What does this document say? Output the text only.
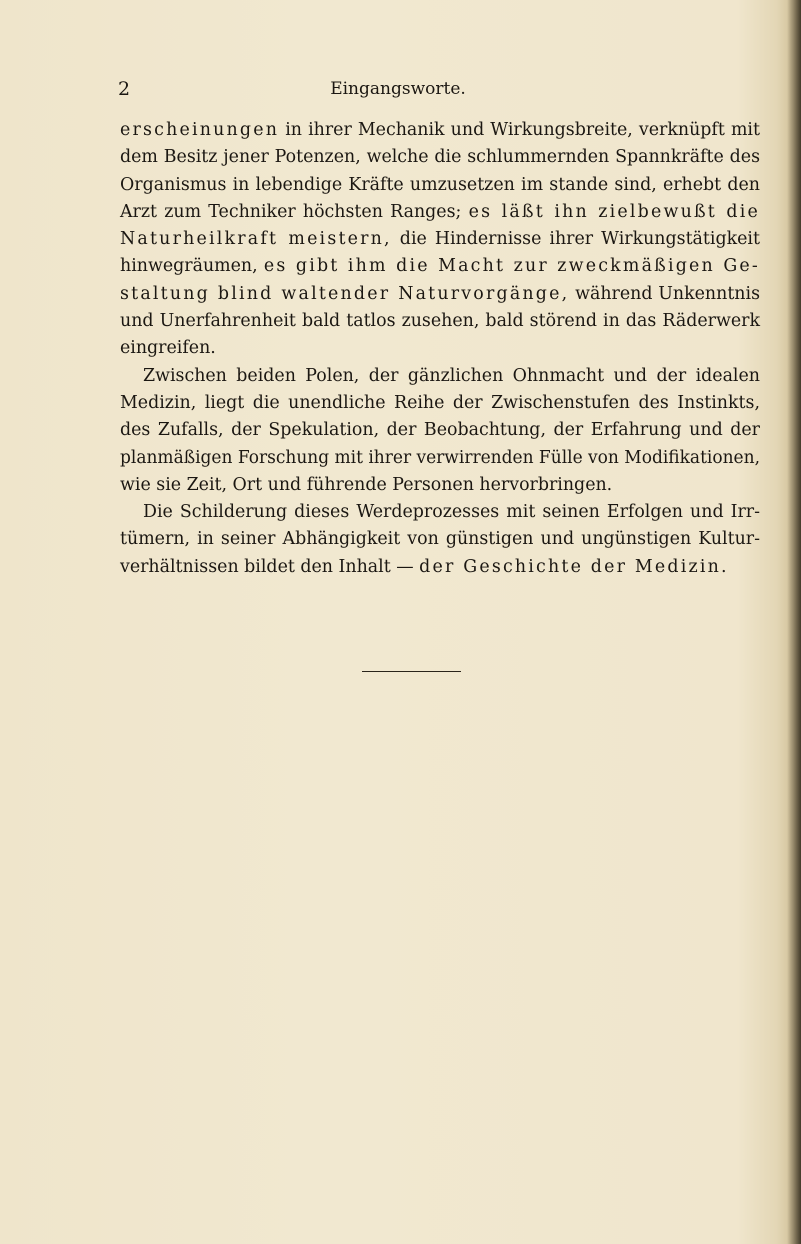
2	Eingangsworte.
erscheinungen in ihrer Mechanik und Wirkungsbreite, verknüpft mit
dem Besitz jener Potenzen, welche die schlummernden Spannkräfte des
Organismus in lebendige Kräfte umzusetzen im stande sind, erhebt den
Arzt zum Techniker höchsten Ranges; es läßt ihn zielbewußt die
Naturheilkraft meistern, die Hindernisse ihrer Wirkungstätigkeit
hinwegräumen, es gibt ihm die Macht zur zweckmäßigen Ge-
staltung blind waltender Naturvorgänge, während Unkenntnis
und Unerfahrenheit bald tatlos zusehen, bald störend in das Räderwerk
eingreifen.
Zwischen beiden Polen, der gänzlichen Ohnmacht und der idealen
Medizin, liegt die unendliche Reihe der Zwischenstufen des Instinkts,
des Zufalls, der Spekulation, der Beobachtung, der Erfahrung und der
planmäßigen Forschung mit ihrer verwirrenden Fülle von Modifikationen,
wie sie Zeit, Ort und führende Personen hervorbringen.
Die Schilderung dieses Werdeprozesses mit seinen Erfolgen und Irr-
tümern, in seiner Abhängigkeit von günstigen und ungünstigen Kultur-
verhältnissen bildet den Inhalt — der Geschichte der Medizin.
